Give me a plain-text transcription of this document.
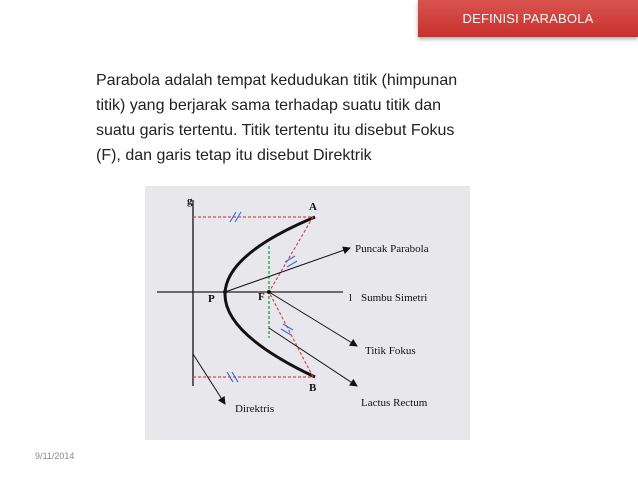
DEFINISI PARABOLA
Parabola adalah tempat kedudukan titik (himpunan
titik) yang berjarak sama terhadap suatu titik dan
suatu garis tertentu. Titik tertentu itu disebut Fokus
(F), dan garis tetap itu disebut Direktrik
g	A
B
P	F
Puncak Parabola
l Sumbu Simetri
Titik Fokus
Lactus Rectum
Direktris
9/11/2014
